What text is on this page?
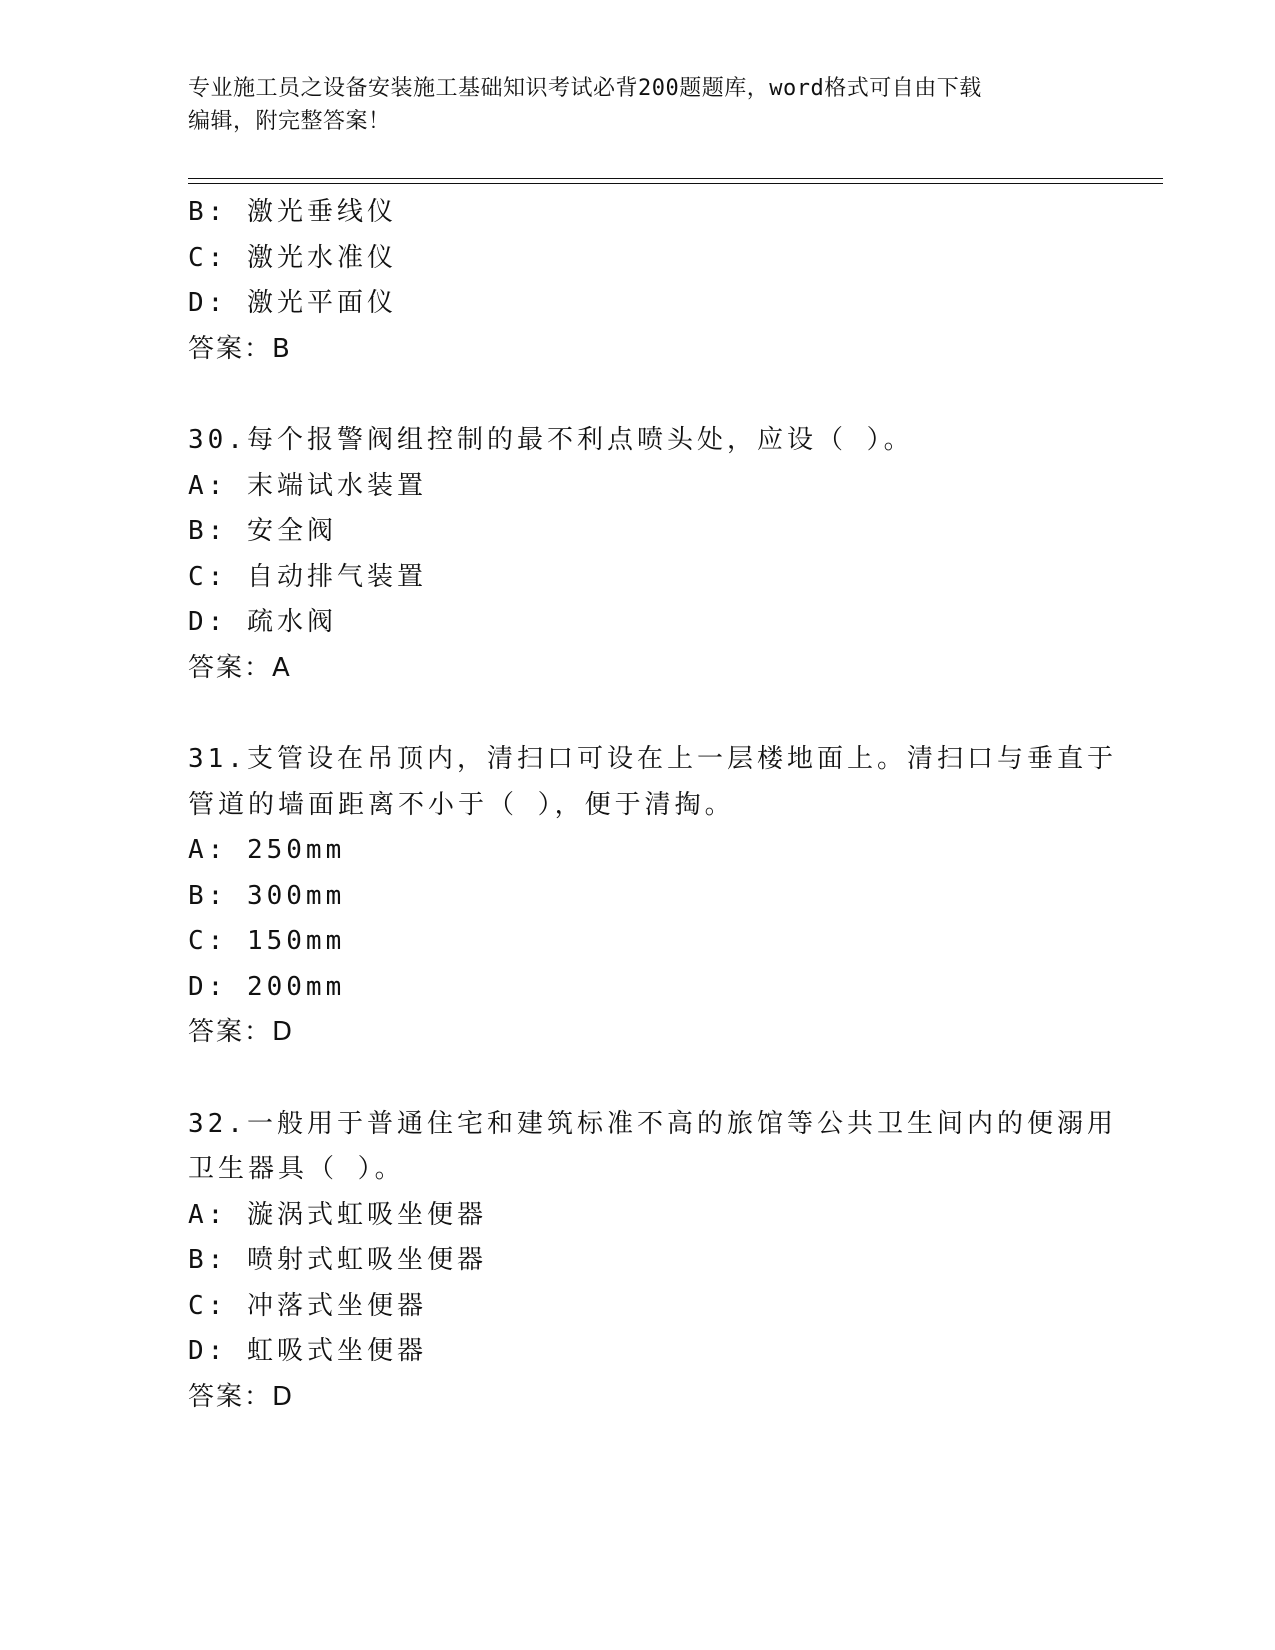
专业施工员之设备安装施工基础知识考试必背200题题库，word格式可自由下载
编辑，附完整答案！
B: 激光垂线仪
C: 激光水准仪
D: 激光平面仪
答案：B
30.每个报警阀组控制的最不利点喷头处，应设（ ）。
A: 末端试水装置
B: 安全阀
C: 自动排气装置
D: 疏水阀
答案：A
31.支管设在吊顶内，清扫口可设在上一层楼地面上。清扫口与垂直于
管道的墙面距离不小于（ ），便于清掏。
A: 250mm
B: 300mm
C: 150mm
D: 200mm
答案：D
32.一般用于普通住宅和建筑标准不高的旅馆等公共卫生间内的便溺用
卫生器具（ ）。
A: 漩涡式虹吸坐便器
B: 喷射式虹吸坐便器
C: 冲落式坐便器
D: 虹吸式坐便器
答案：D
